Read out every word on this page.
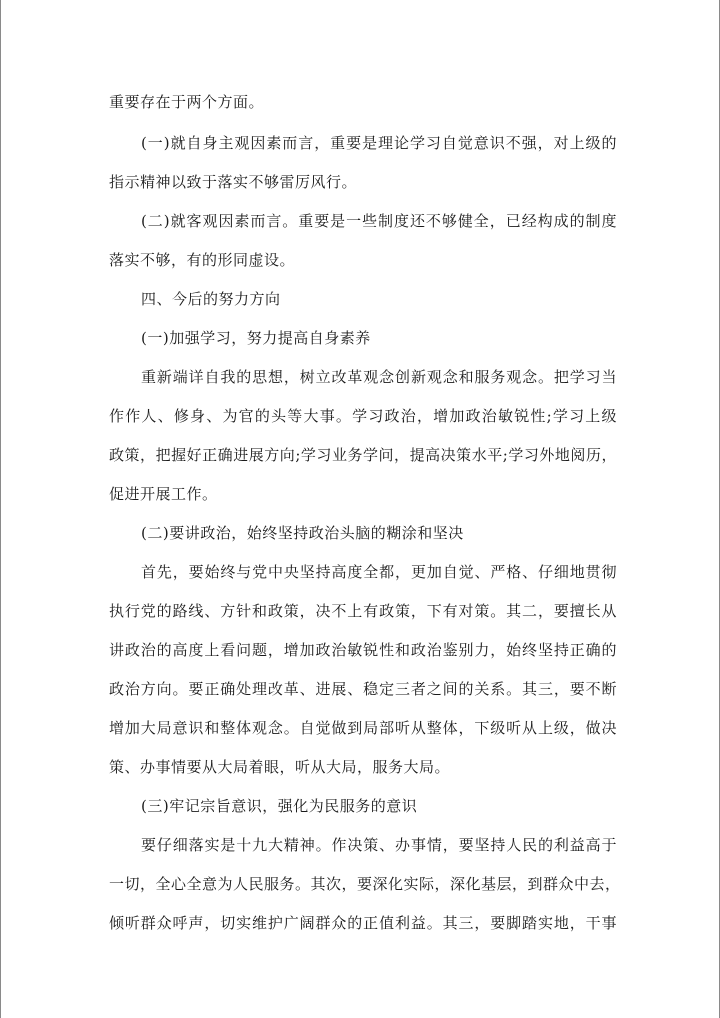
重要存在于两个方面。
(一)就自身主观因素而言，重要是理论学习自觉意识不强，对上级的
指示精神以致于落实不够雷厉风行。
(二)就客观因素而言。重要是一些制度还不够健全，已经构成的制度
落实不够，有的形同虚设。
四、今后的努力方向
(一)加强学习，努力提高自身素养
重新端详自我的思想，树立改革观念创新观念和服务观念。把学习当
作作人、修身、为官的头等大事。学习政治，增加政治敏锐性;学习上级
政策，把握好正确进展方向;学习业务学问，提高决策水平;学习外地阅历，
促进开展工作。
(二)要讲政治，始终坚持政治头脑的糊涂和坚决
首先，要始终与党中央坚持高度全都，更加自觉、严格、仔细地贯彻
执行党的路线、方针和政策，决不上有政策，下有对策。其二，要擅长从
讲政治的高度上看问题，增加政治敏锐性和政治鉴别力，始终坚持正确的
政治方向。要正确处理改革、进展、稳定三者之间的关系。其三，要不断
增加大局意识和整体观念。自觉做到局部听从整体，下级听从上级，做决
策、办事情要从大局着眼，听从大局，服务大局。
(三)牢记宗旨意识，强化为民服务的意识
要仔细落实是十九大精神。作决策、办事情，要坚持人民的利益高于
一切，全心全意为人民服务。其次，要深化实际，深化基层，到群众中去，
倾听群众呼声，切实维护广阔群众的正值利益。其三，要脚踏实地，干事
